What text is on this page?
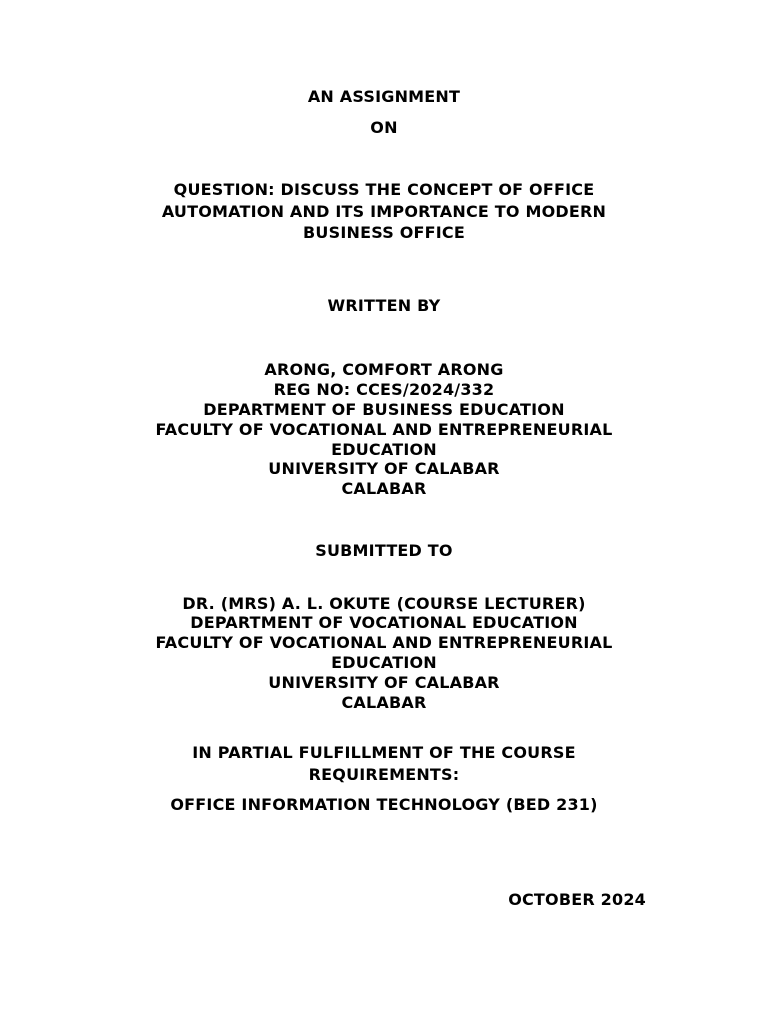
AN ASSIGNMENT
ON
QUESTION: DISCUSS THE CONCEPT OF OFFICE
AUTOMATION AND ITS IMPORTANCE TO MODERN
BUSINESS OFFICE
WRITTEN BY
ARONG, COMFORT ARONG
REG NO: CCES/2024/332
DEPARTMENT OF BUSINESS EDUCATION
FACULTY OF VOCATIONAL AND ENTREPRENEURIAL
EDUCATION
UNIVERSITY OF CALABAR
CALABAR
SUBMITTED TO
DR. (MRS) A. L. OKUTE (COURSE LECTURER)
DEPARTMENT OF VOCATIONAL EDUCATION
FACULTY OF VOCATIONAL AND ENTREPRENEURIAL
EDUCATION
UNIVERSITY OF CALABAR
CALABAR
IN PARTIAL FULFILLMENT OF THE COURSE
REQUIREMENTS:
OFFICE INFORMATION TECHNOLOGY (BED 231)
OCTOBER 2024
